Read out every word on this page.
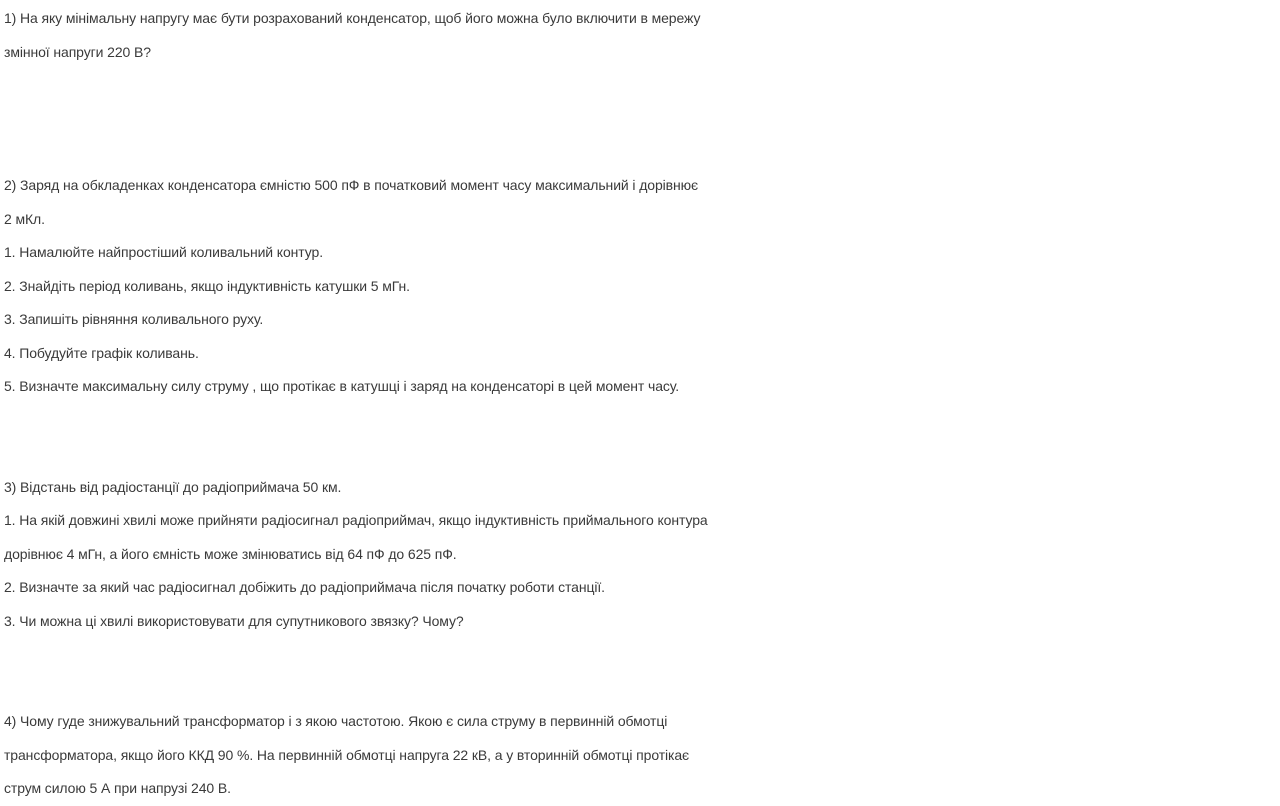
1) На яку мінімальну напругу має бути розрахований конденсатор, щоб його можна було включити в мережу
змінної напруги 220 В?
2) Заряд на обкладенках конденсатора ємністю 500 пФ в початковий момент часу максимальний і дорівнює
2 мКл.
1. Намалюйте найпростіший коливальний контур.
2. Знайдіть період коливань, якщо індуктивність катушки 5 мГн.
3. Запишіть рівняння коливального руху.
4. Побудуйте графік коливань.
5. Визначте максимальну силу струму , що протікає в катушці і заряд на конденсаторі в цей момент часу.
3) Відстань від радіостанції до радіоприймача 50 км.
1. На якій довжині хвилі може прийняти радіосигнал радіоприймач, якщо індуктивність приймального контура
дорівнює 4 мГн, а його ємність може змінюватись від 64 пФ до 625 пФ.
2. Визначте за який час радіосигнал добіжить до радіоприймача після початку роботи станції.
3. Чи можна ці хвилі використовувати для супутникового звязку? Чому?
4) Чому гуде знижувальний трансформатор і з якою частотою. Якою є сила струму в первинній обмотці
трансформатора, якщо його ККД 90 %. На первинній обмотці напруга 22 кВ, а у вторинній обмотці протікає
струм силою 5 А при напрузі 240 В.
